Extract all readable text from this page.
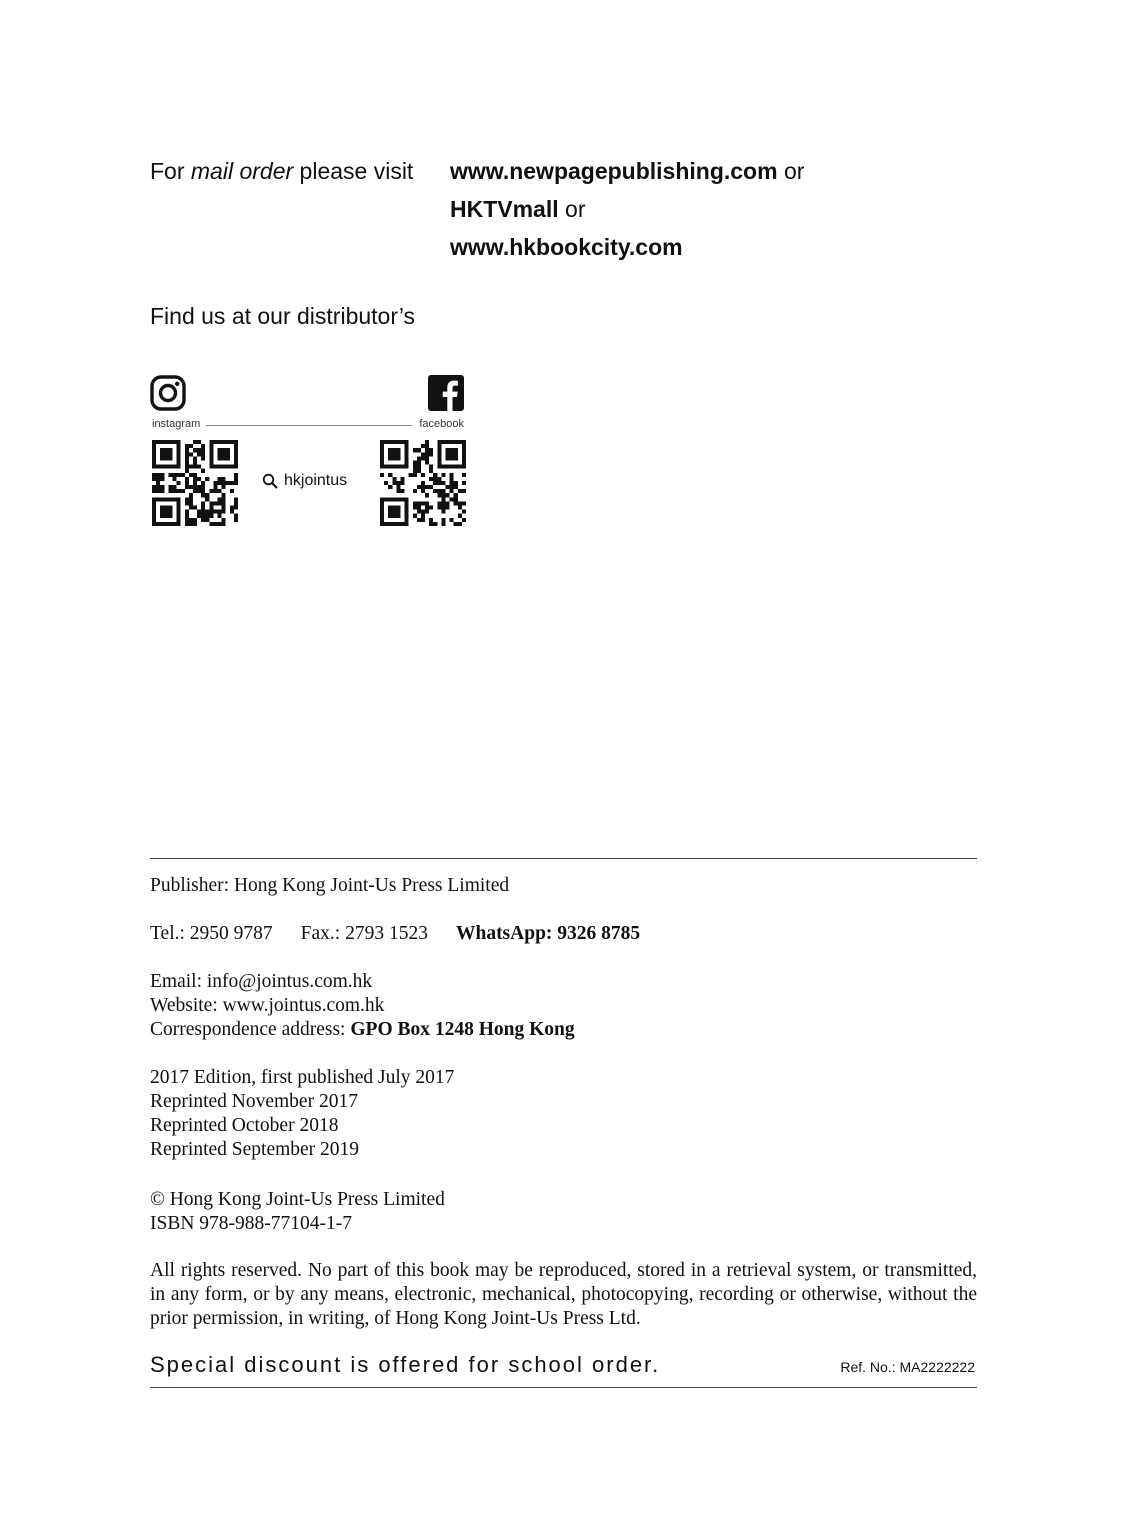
For mail order please visit	www.newpagepublishing.com or
HKTVmall or
www.hkbookcity.com
Find us at our distributor’s
instagram	facebook
hkjointus
Publisher: Hong Kong Joint-Us Press Limited
Tel.: 2950 9787 Fax.: 2793 1523 WhatsApp: 9326 8785
Email: info@jointus.com.hk
Website: www.jointus.com.hk
Correspondence address: GPO Box 1248 Hong Kong
2017 Edition, first published July 2017
Reprinted November 2017
Reprinted October 2018
Reprinted September 2019
© Hong Kong Joint-Us Press Limited
ISBN 978-988-77104-1-7
All rights reserved. No part of this book may be reproduced, stored in a retrieval system, or transmitted, in any form, or by any means, electronic, mechanical, photocopying, recording or otherwise, without the prior permission, in writing, of Hong Kong Joint-Us Press Ltd.
Special discount is offered for school order.	Ref. No.: MA2222222
